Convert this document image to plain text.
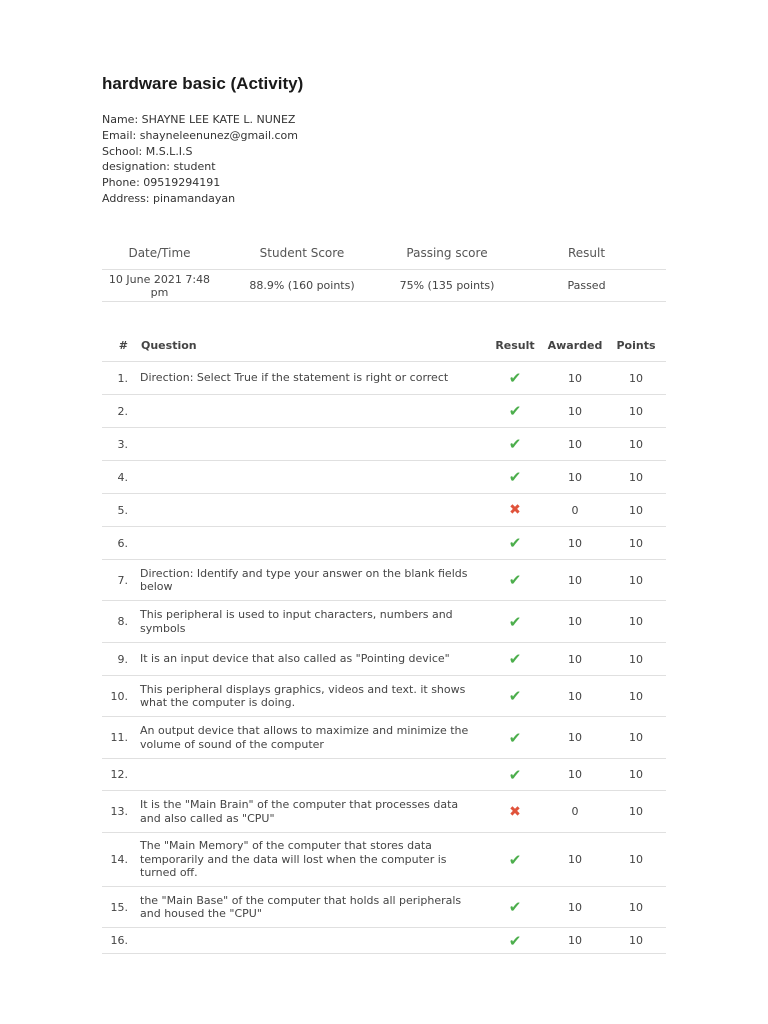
hardware basic (Activity)
Name: SHAYNE LEE KATE L. NUNEZ
Email: shayneleenunez@gmail.com
School: M.S.L.I.S
designation: student
Phone: 09519294191
Address: pinamandayan
Date/Time	Student Score	Passing score	Result
10 June 2021 7:48 pm	88.9% (160 points)	75% (135 points)	Passed
#	Question	Result	Awarded	Points
1.	Direction: Select True if the statement is right or correct	✔	10	10
2.		✔	10	10
3.		✔	10	10
4.		✔	10	10
5.		✖	0	10
6.		✔	10	10
7.	Direction: Identify and type your answer on the blank fields below	✔	10	10
8.	This peripheral is used to input characters, numbers and symbols	✔	10	10
9.	It is an input device that also called as "Pointing device"	✔	10	10
10.	This peripheral displays graphics, videos and text. it shows what the computer is doing.	✔	10	10
11.	An output device that allows to maximize and minimize the volume of sound of the computer	✔	10	10
12.		✔	10	10
13.	It is the "Main Brain" of the computer that processes data and also called as "CPU"	✖	0	10
14.	The "Main Memory" of the computer that stores data temporarily and the data will lost when the computer is turned off.	✔	10	10
15.	the "Main Base" of the computer that holds all peripherals and housed the "CPU"	✔	10	10
16.		✔	10	10
